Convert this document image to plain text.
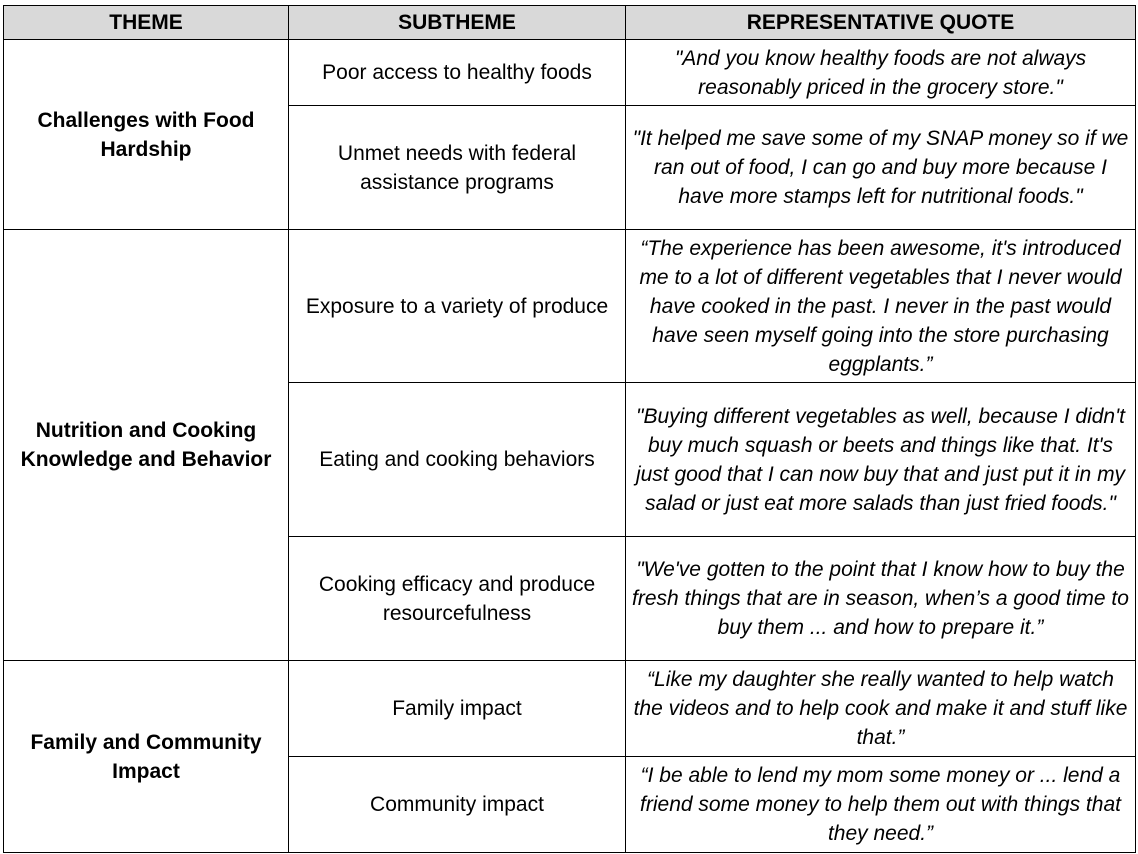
THEME	SUBTHEME	REPRESENTATIVE QUOTE
Challenges with Food Hardship	Poor access to healthy foods	"And you know healthy foods are not always reasonably priced in the grocery store."
	Unmet needs with federal assistance programs	"It helped me save some of my SNAP money so if we ran out of food, I can go and buy more because I have more stamps left for nutritional foods."
Nutrition and Cooking Knowledge and Behavior	Exposure to a variety of produce	“The experience has been awesome, it's introduced me to a lot of different vegetables that I never would have cooked in the past. I never in the past would have seen myself going into the store purchasing eggplants.”
	Eating and cooking behaviors	"Buying different vegetables as well, because I didn't buy much squash or beets and things like that. It's just good that I can now buy that and just put it in my salad or just eat more salads than just fried foods."
	Cooking efficacy and produce resourcefulness	"We've gotten to the point that I know how to buy the fresh things that are in season, when’s a good time to buy them ... and how to prepare it.”
Family and Community Impact	Family impact	“Like my daughter she really wanted to help watch the videos and to help cook and make it and stuff like that.”
	Community impact	“I be able to lend my mom some money or ... lend a friend some money to help them out with things that they need.”
